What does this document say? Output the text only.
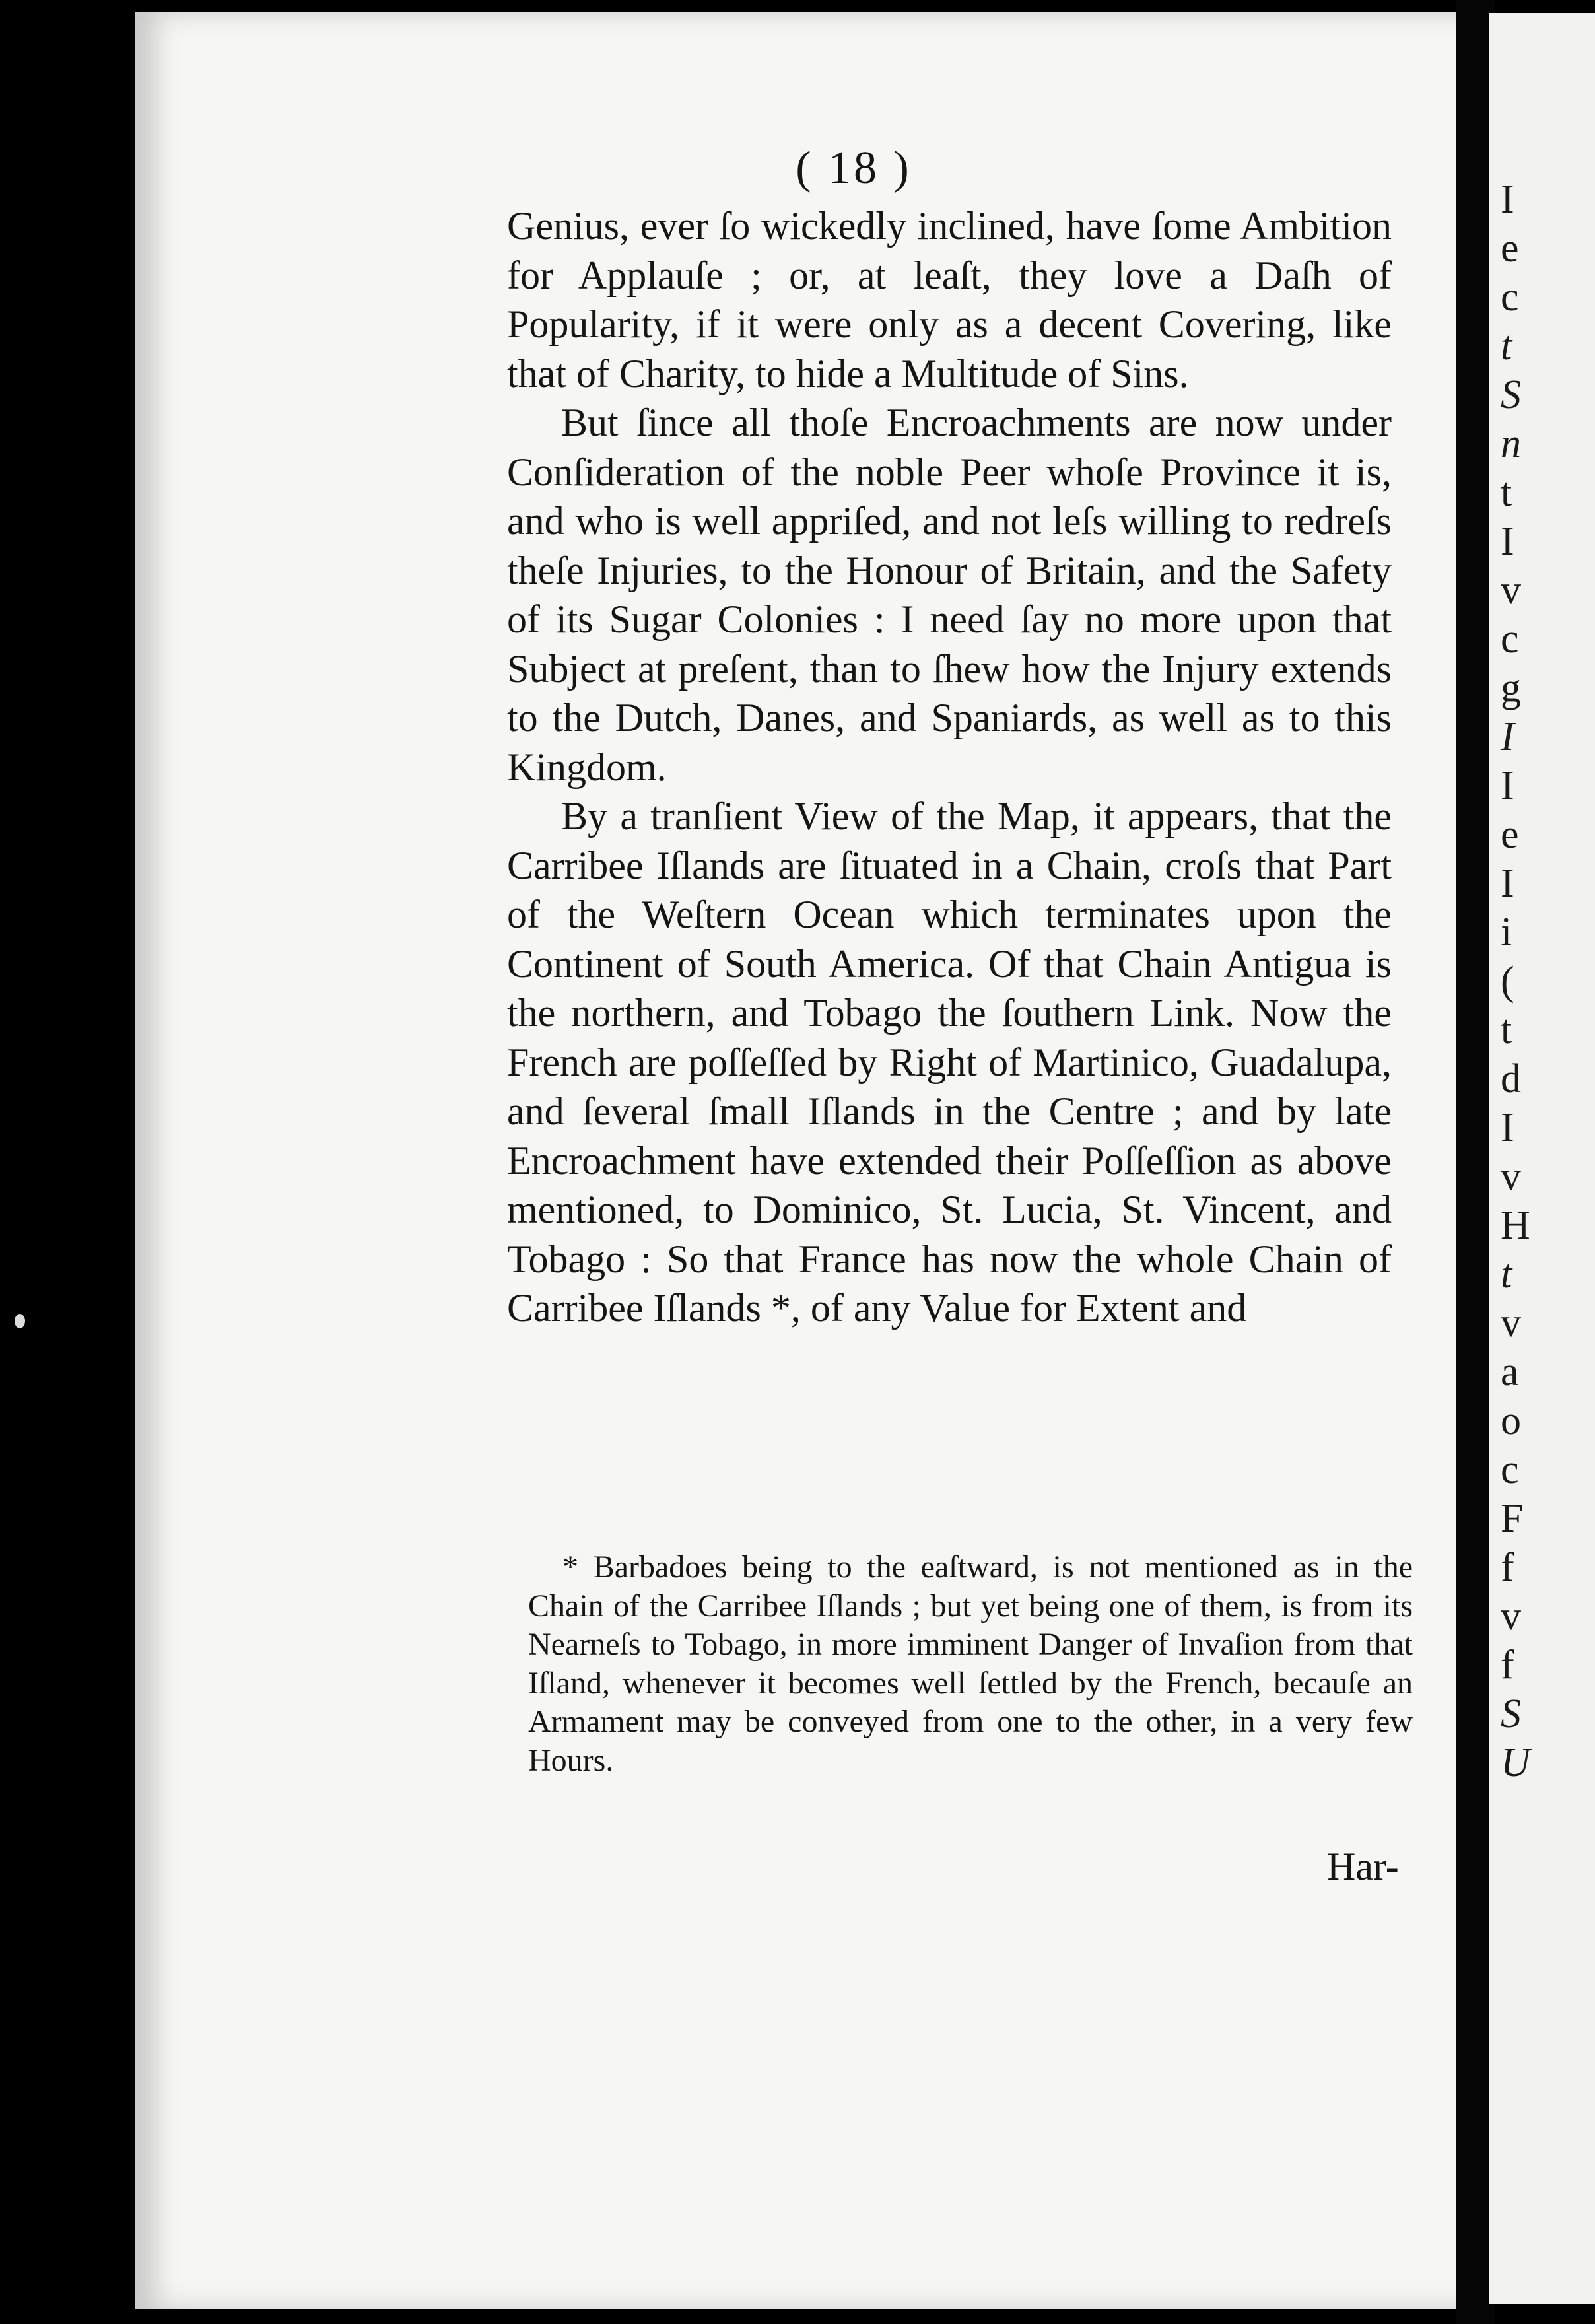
I
e
c
t
S
n
t
I
v
c
g
I
I
e
I
i
(
t
d
I
v
H
t
v
a
o
c
F
f
v
f
S
U
( 18 )

Genius, ever ſo wickedly inclined, have ſome Ambition for Applauſe ; or, at leaſt, they love a Daſh of Popularity, if it were only as a decent Covering, like that of Charity, to hide a Multitude of Sins.

But ſince all thoſe Encroachments are now under Conſideration of the noble Peer whoſe Province it is, and who is well appriſed, and not leſs willing to redreſs theſe Injuries, to the Honour of Britain, and the Safety of its Sugar Colonies : I need ſay no more upon that Subject at preſent, than to ſhew how the Injury extends to the Dutch, Danes, and Spaniards, as well as to this Kingdom.

By a tranſient View of the Map, it appears, that the Carribee Iſlands are ſituated in a Chain, croſs that Part of the Weſtern Ocean which terminates upon the Continent of South America. Of that Chain Antigua is the northern, and Tobago the ſouthern Link. Now the French are poſſeſſed by Right of Martinico, Guadalupa, and ſeveral ſmall Iſlands in the Centre ; and by late Encroachment have extended their Poſſeſſion as above mentioned, to Dominico, St. Lucia, St. Vincent, and Tobago : So that France has now the whole Chain of Carribee Iſlands *, of any Value for Extent and

* Barbadoes being to the eaſtward, is not mentioned as in the Chain of the Carribee Iſlands ; but yet being one of them, is from its Nearneſs to Tobago, in more imminent Danger of Invaſion from that Iſland, whenever it becomes well ſettled by the French, becauſe an Armament may be conveyed from one to the other, in a very few Hours.
Har-
